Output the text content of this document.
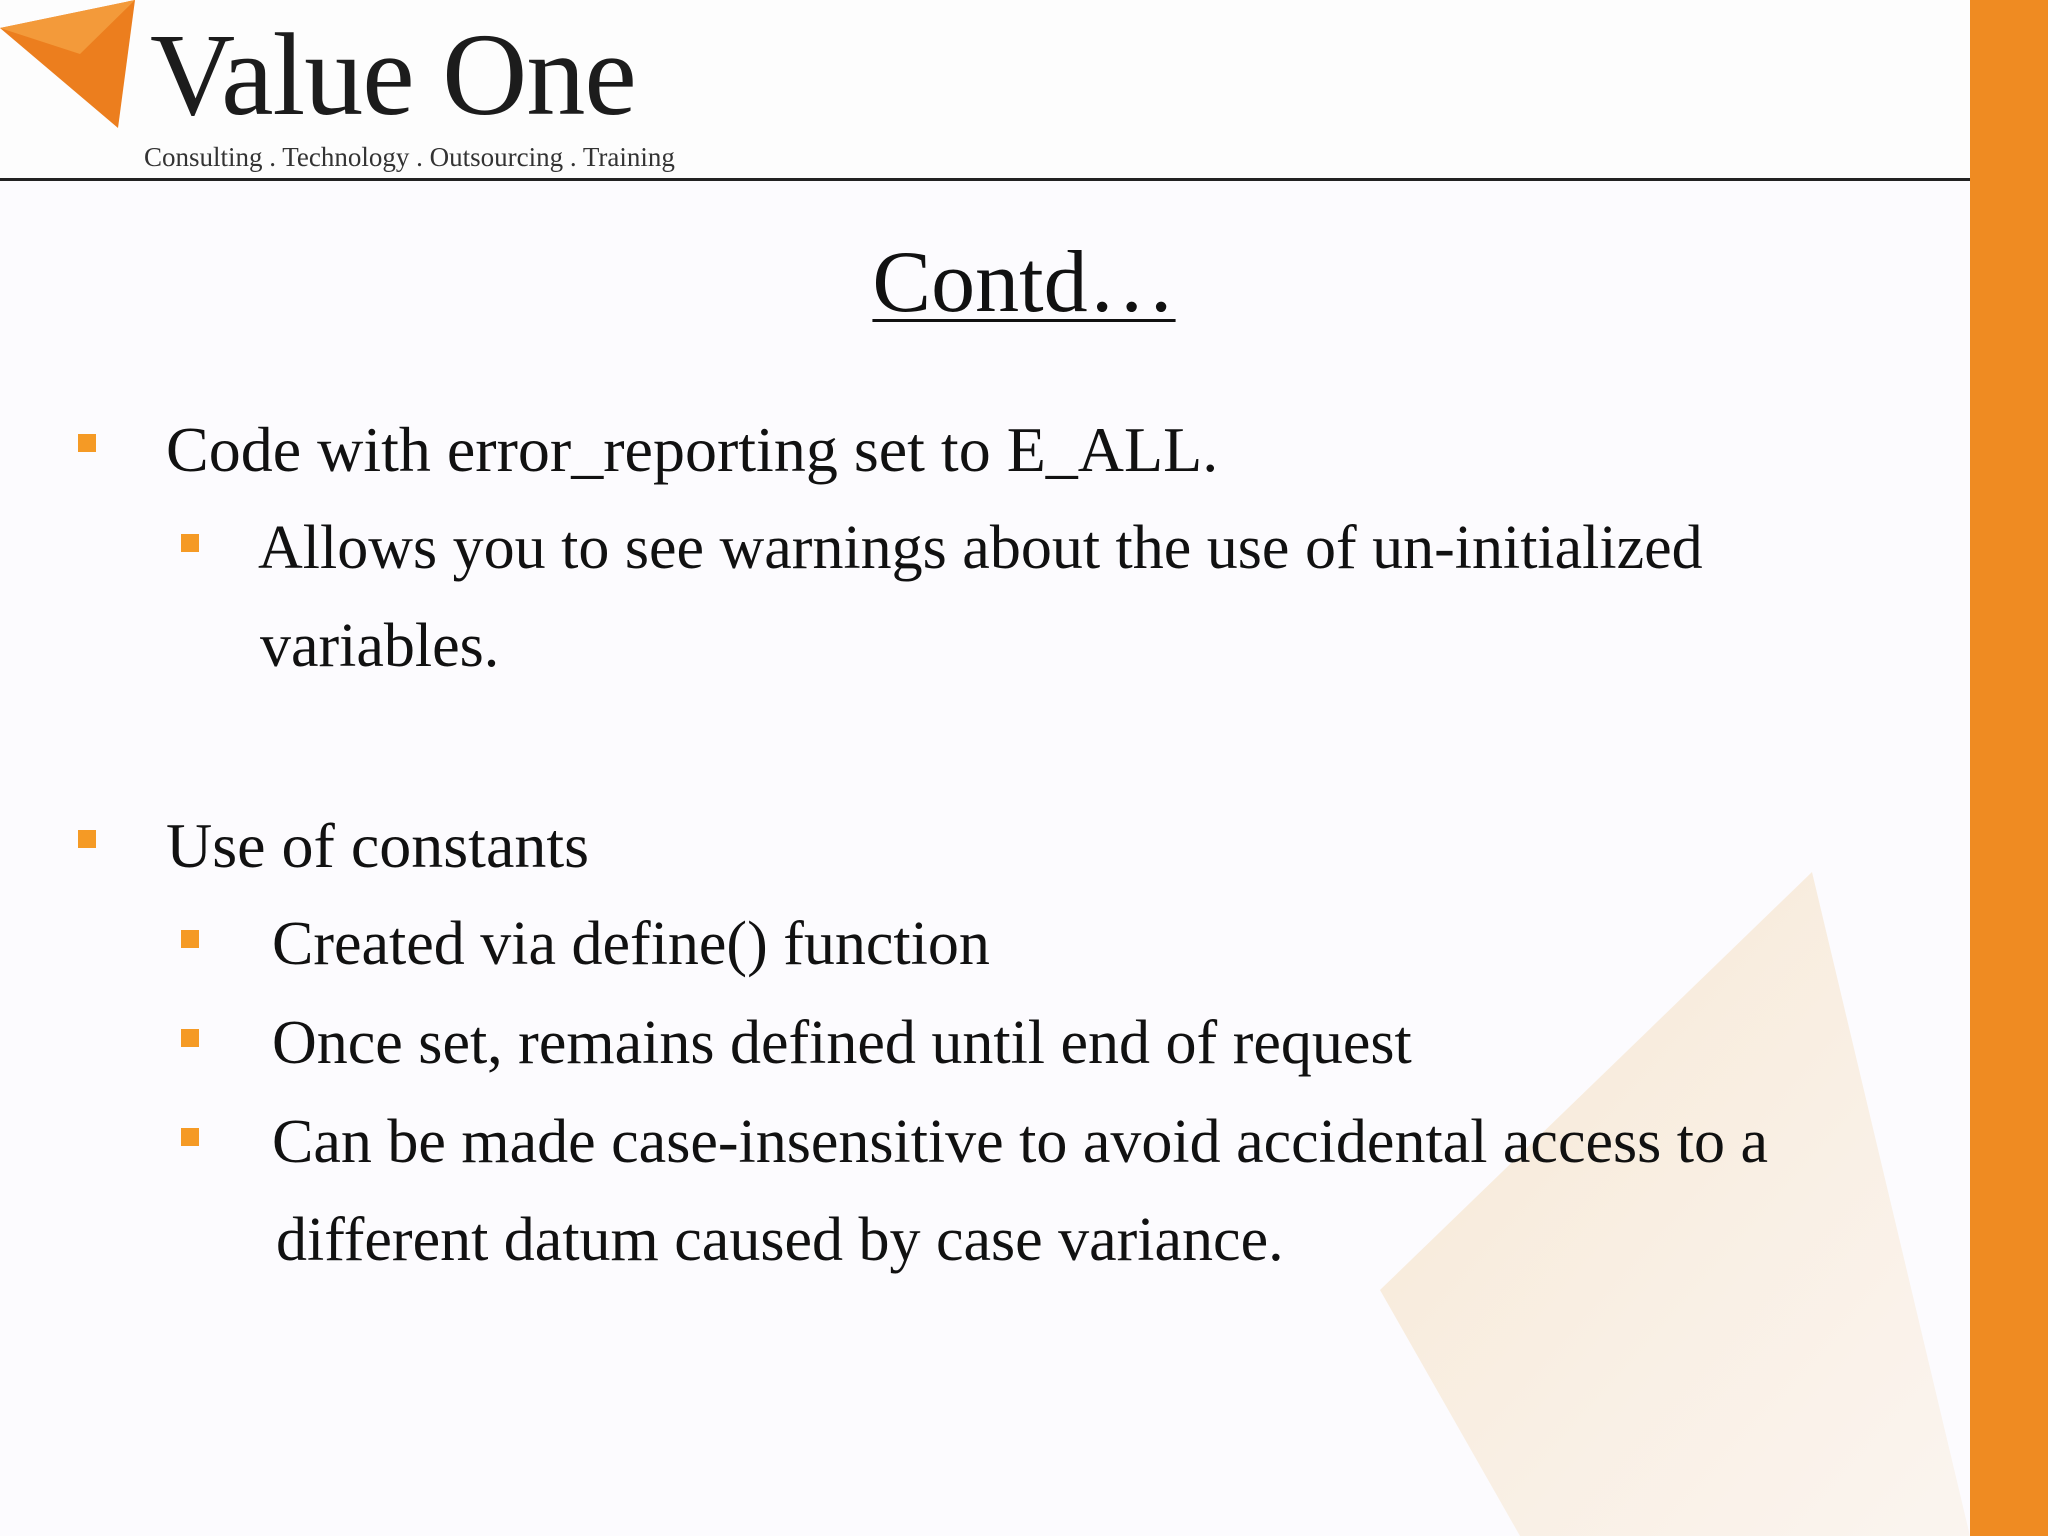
Value One
Consulting . Technology . Outsourcing . Training
Contd…
Code with error_reporting set to E_ALL.
Allows you to see warnings about the use of un-initialized
variables.
Use of constants
Created via define() function
Once set, remains defined until end of request
Can be made case-insensitive to avoid accidental access to a
different datum caused by case variance.
